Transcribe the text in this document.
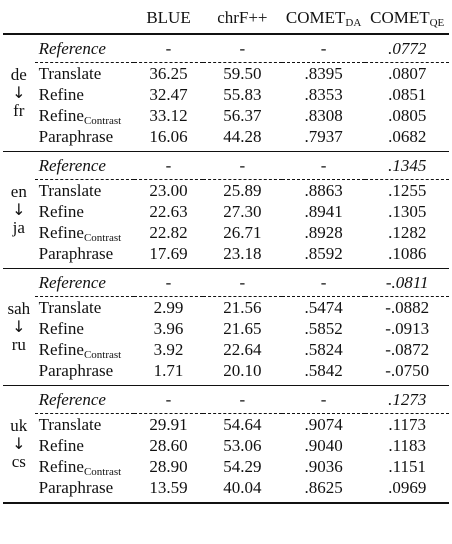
		BLUE	chrF++	$COMET_{DA}$	$COMET_{QE}$

de
↓
fr	Reference	-	-	-	.0772

	Translate	36.25	59.50	.8395	.0807
	Refine	32.47	55.83	.8353	.0851
	Refine$_{Contrast}$	33.12	56.37	.8308	.0805
	Paraphrase	16.06	44.28	.7937	.0682

en
↓
ja	Reference	-	-	-	.1345

	Translate	23.00	25.89	.8863	.1255
	Refine	22.63	27.30	.8941	.1305
	Refine$_{Contrast}$	22.82	26.71	.8928	.1282
	Paraphrase	17.69	23.18	.8592	.1086

sah
↓
ru	Reference	-	-	-	-.0811

	Translate	2.99	21.56	.5474	-.0882
	Refine	3.96	21.65	.5852	-.0913
	Refine$_{Contrast}$	3.92	22.64	.5824	-.0872
	Paraphrase	1.71	20.10	.5842	-.0750

uk
↓
cs	Reference	-	-	-	.1273

	Translate	29.91	54.64	.9074	.1173
	Refine	28.60	53.06	.9040	.1183
	Refine$_{Contrast}$	28.90	54.29	.9036	.1151
	Paraphrase	13.59	40.04	.8625	.0969
